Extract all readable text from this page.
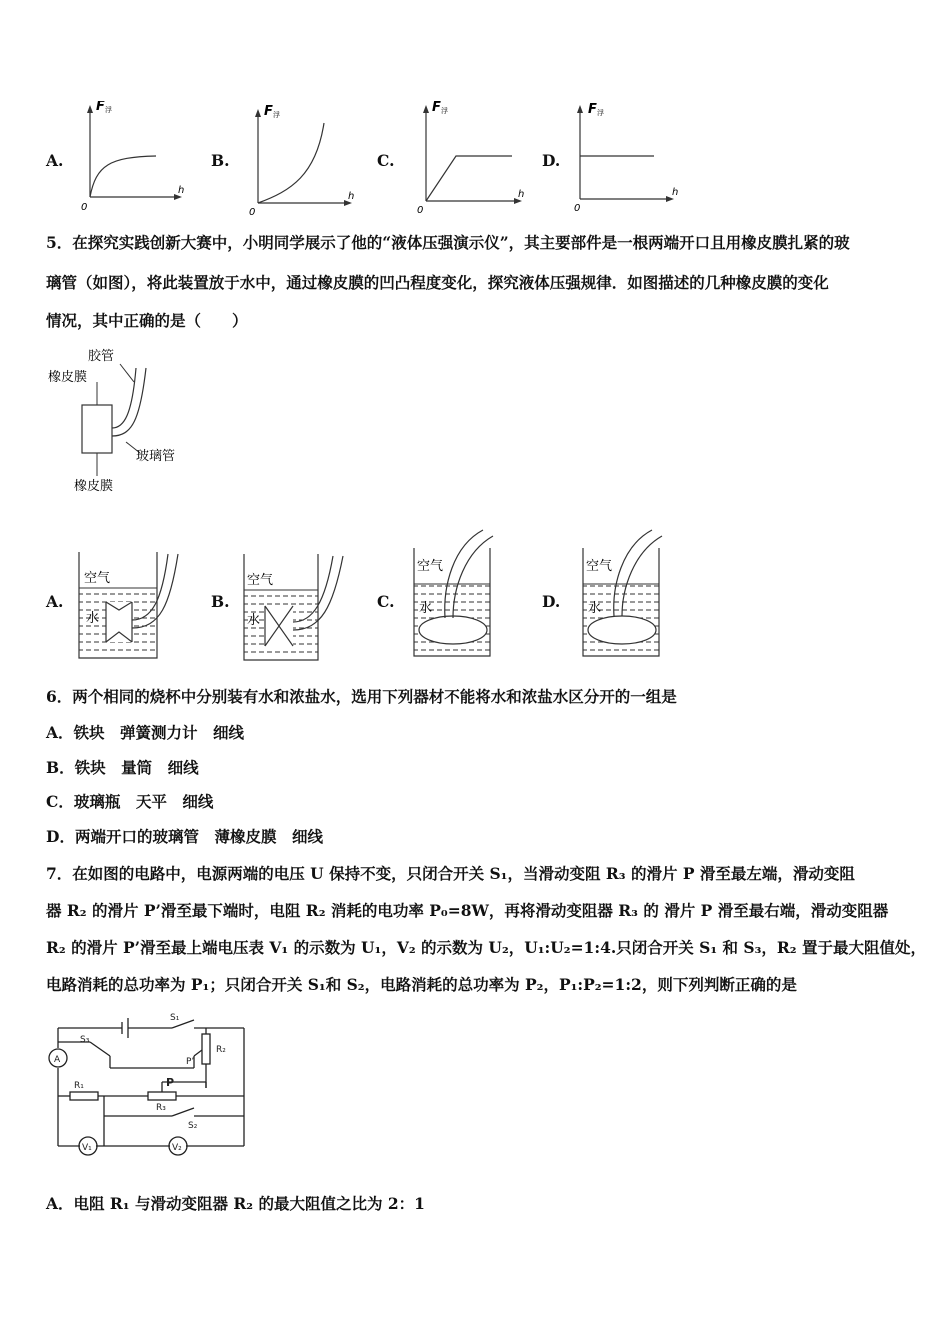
A.
F 浮
h
0
B.
F 浮
h
0
C.
F 浮
h
0
D.
F 浮
h
0
5．在探究实践创新大赛中，小明同学展示了他的“液体压强演示仪”，其主要部件是一根两端开口且用橡皮膜扎紧的玻
璃管（如图），将此装置放于水中，通过橡皮膜的凹凸程度变化，探究液体压强规律．如图描述的几种橡皮膜的变化
情况，其中正确的是（　　）
胶管
橡皮膜
玻璃管
橡皮膜
A.
空气
水
B.
空气
水
C.
空气
水	D.
空气
水
6．两个相同的烧杯中分别装有水和浓盐水，选用下列器材不能将水和浓盐水区分开的一组是
A．铁块　弹簧测力计　细线
B．铁块　量筒　细线
C．玻璃瓶　天平　细线
D．两端开口的玻璃管　薄橡皮膜　细线
7．在如图的电路中，电源两端的电压 U 保持不变，只闭合开关 S₁，当滑动变阻 R₃ 的滑片 P 滑至最左端，滑动变阻
器 R₂ 的滑片 P’滑至最下端时，电阻 R₂ 消耗的电功率 P₀=8W，再将滑动变阻器 R₃ 的 滑片 P 滑至最右端，滑动变阻器
R₂ 的滑片 P’滑至最上端电压表 V₁ 的示数为 U₁，V₂ 的示数为 U₂，U₁:U₂=1:4.只闭合开关 S₁ 和 S₃，R₂ 置于最大阻值处，
电路消耗的总功率为 P₁；只闭合开关 S₁和 S₂，电路消耗的总功率为 P₂，P₁:P₂=1:2，则下列判断正确的是
A
S₁
S₃
R₂
P’
R₁	P
R₃
S₂
V₁	V₂
A．电阻 R₁ 与滑动变阻器 R₂ 的最大阻值之比为 2：1
